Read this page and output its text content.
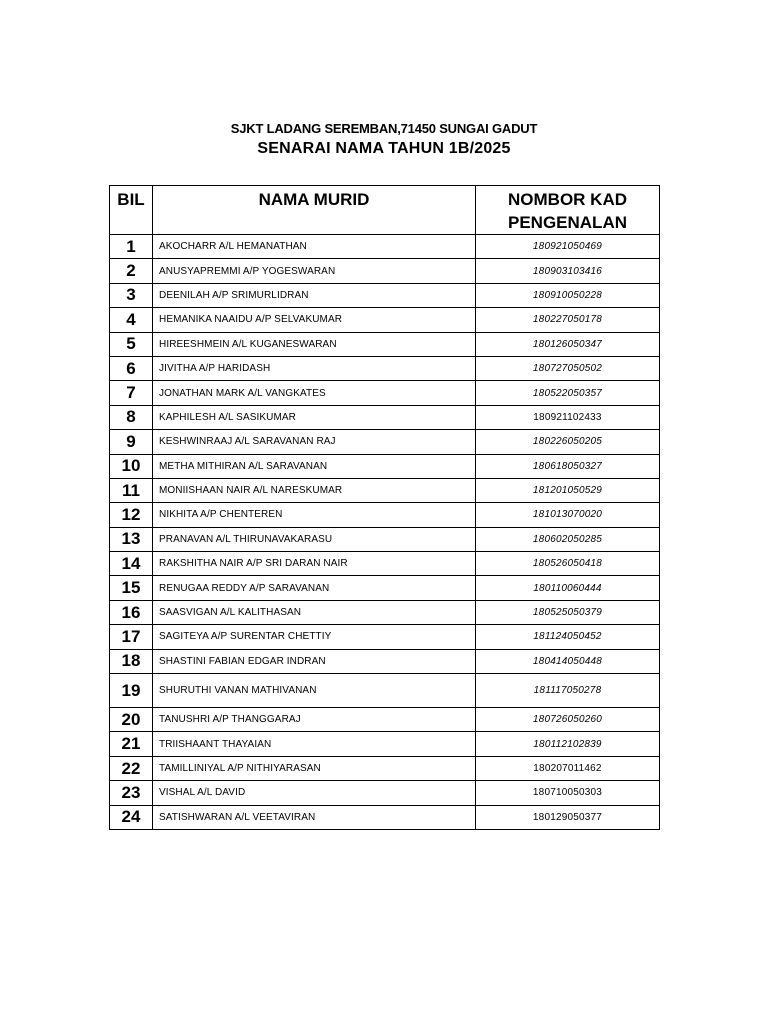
SJKT LADANG SEREMBAN,71450 SUNGAI GADUT
SENARAI NAMA TAHUN 1B/2025
BIL	NAMA MURID	NOMBOR KAD
PENGENALAN
1	AKOCHARR A/L HEMANATHAN	180921050469
2	ANUSYAPREMMI A/P YOGESWARAN	180903103416
3	DEENILAH A/P SRIMURLIDRAN	180910050228
4	HEMANIKA NAAIDU A/P SELVAKUMAR	180227050178
5	HIREESHMEIN A/L KUGANESWARAN	180126050347
6	JIVITHA A/P HARIDASH	180727050502
7	JONATHAN MARK A/L VANGKATES	180522050357
8	KAPHILESH A/L SASIKUMAR	180921102433
9	KESHWINRAAJ A/L SARAVANAN RAJ	180226050205
10	METHA MITHIRAN A/L SARAVANAN	180618050327
11	MONIISHAAN NAIR A/L NARESKUMAR	181201050529
12	NIKHITA A/P CHENTEREN	181013070020
13	PRANAVAN A/L THIRUNAVAKARASU	180602050285
14	RAKSHITHA NAIR A/P SRI DARAN NAIR	180526050418
15	RENUGAA REDDY A/P SARAVANAN	180110060444
16	SAASVIGAN A/L KALITHASAN	180525050379
17	SAGITEYA A/P SURENTAR CHETTIY	181124050452
18	SHASTINI FABIAN EDGAR INDRAN	180414050448
19	SHURUTHI VANAN MATHIVANAN	181117050278
20	TANUSHRI A/P THANGGARAJ	180726050260
21	TRIISHAANT THAYAIAN	180112102839
22	TAMILLINIYAL A/P NITHIYARASAN	180207011462
23	VISHAL A/L DAVID	180710050303
24	SATISHWARAN A/L VEETAVIRAN	180129050377
